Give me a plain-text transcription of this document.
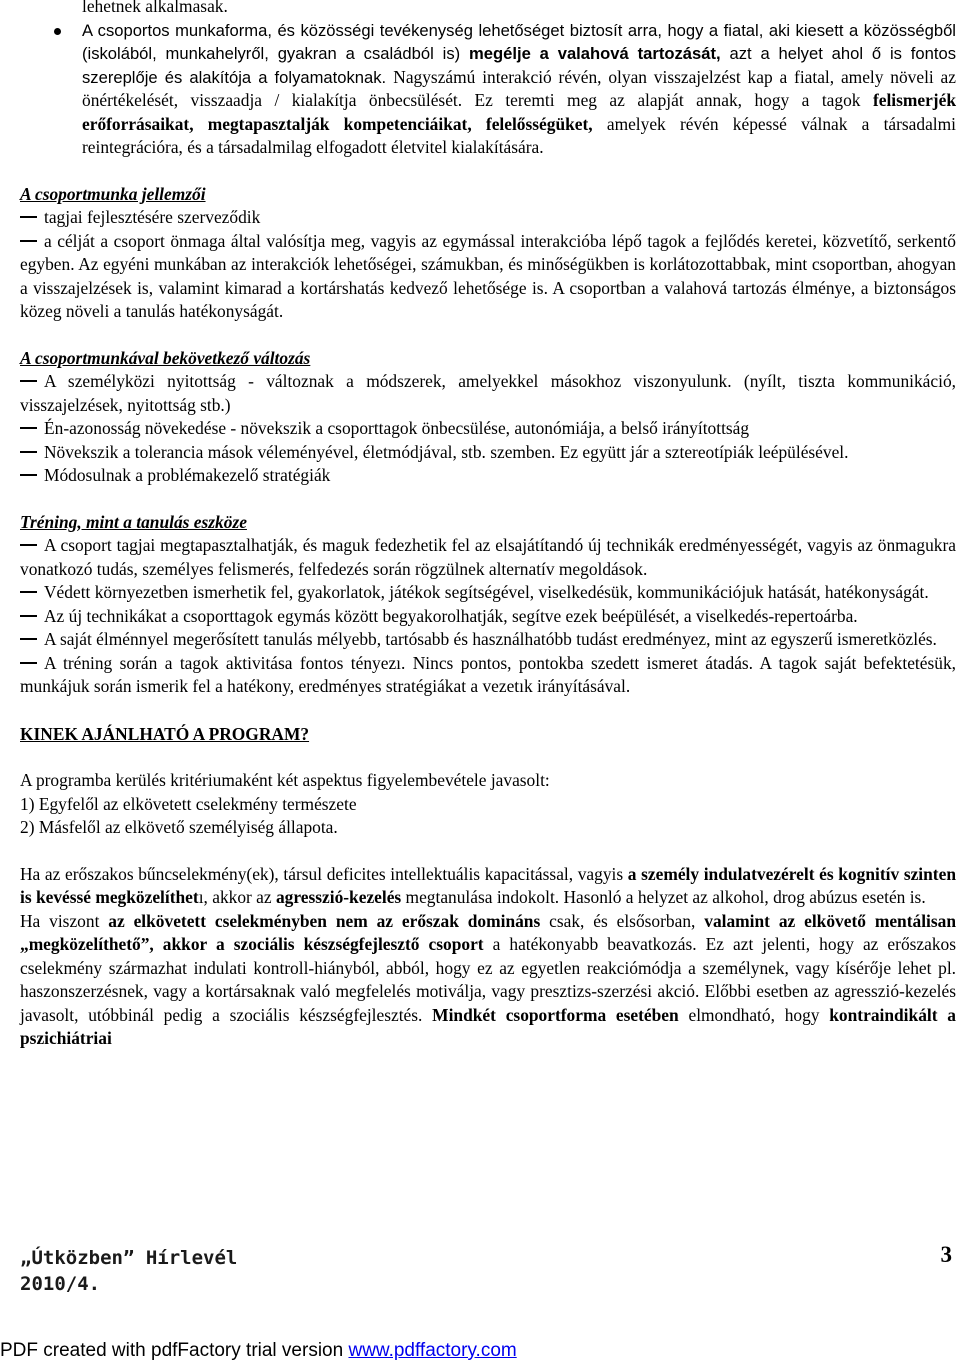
lehetnek alkalmasak.

A csoportos munkaforma, és közösségi tevékenység lehetőséget biztosít arra, hogy a fiatal, aki kiesett a közösségből (iskolából, munkahelyről, gyakran a családból is) megélje a valahová tartozását, azt a helyet ahol ő is fontos szereplője és alakítója a folyamatoknak. Nagyszámú interakció révén, olyan visszajelzést kap a fiatal, amely növeli az önértékelését, visszaadja / kialakítja önbecsülését. Ez teremti meg az alapját annak, hogy a tagok felismerjék erőforrásaikat, megtapasztalják kompetenciáikat, felelősségüket, amelyek révén képessé válnak a társadalmi reintegrációra, és a társadalmilag elfogadott életvitel kialakítására.

A csoportmunka jellemzői

tagjai fejlesztésére szerveződik

a célját a csoport önmaga által valósítja meg, vagyis az egymással interakcióba lépő tagok a fejlődés keretei, közvetítő, serkentő egyben. Az egyéni munkában az interakciók lehetőségei, számukban, és minőségükben is korlátozottabbak, mint csoportban, ahogyan a visszajelzések is, valamint kimarad a kortárshatás kedvező lehetősége is. A csoportban a valahová tartozás élménye, a biztonságos közeg növeli a tanulás hatékonyságát.

A csoportmunkával bekövetkező változás

A személyközi nyitottság - változnak a módszerek, amelyekkel másokhoz viszonyulunk. (nyílt, tiszta kommunikáció, visszajelzések, nyitottság stb.)

Én-azonosság növekedése - növekszik a csoporttagok önbecsülése, autonómiája, a belső irányítottság

Növekszik a tolerancia mások véleményével, életmódjával, stb. szemben. Ez együtt jár a sztereotípiák leépülésével.

Módosulnak a problémakezelő stratégiák

Tréning, mint a tanulás eszköze

A csoport tagjai megtapasztalhatják, és maguk fedezhetik fel az elsajátítandó új technikák eredményességét, vagyis az önmagukra vonatkozó tudás, személyes felismerés, felfedezés során rögzülnek alternatív megoldások.

Védett környezetben ismerhetik fel, gyakorlatok, játékok segítségével, viselkedésük, kommunikációjuk hatását, hatékonyságát.

Az új technikákat a csoporttagok egymás között begyakorolhatják, segítve ezek beépülését, a viselkedés-repertoárba.

A saját élménnyel megerősített tanulás mélyebb, tartósabb és használhatóbb tudást eredményez, mint az egyszerű ismeretközlés.

A tréning során a tagok aktivitása fontos tényezı. Nincs pontos, pontokba szedett ismeret átadás. A tagok saját befektetésük, munkájuk során ismerik fel a hatékony, eredményes stratégiákat a vezetık irányításával.

KINEK AJÁNLHATÓ A PROGRAM?

A programba kerülés kritériumaként két aspektus figyelembevétele javasolt:

1) Egyfelől az elkövetett cselekmény természete

2) Másfelől az elkövető személyiség állapota.

Ha az erőszakos bűncselekmény(ek), társul deficites intellektuális kapacitással, vagyis a személy indulatvezérelt és kognitív szinten is kevéssé megközelíthetı, akkor az agresszió-kezelés megtanulása indokolt. Hasonló a helyzet az alkohol, drog abúzus esetén is.

Ha viszont az elkövetett cselekményben nem az erőszak domináns csak, és elsősorban, valamint az elkövető mentálisan „megközelíthető”, akkor a szociális készségfejlesztő csoport a hatékonyabb beavatkozás. Ez azt jelenti, hogy az erőszakos cselekmény származhat indulati kontroll-hiányból, abból, hogy ez az egyetlen reakciómódja a személynek, vagy kísérője lehet pl. haszonszerzésnek, vagy a kortársaknak való megfelelés motiválja, vagy presztizs-szerzési akció. Előbbi esetben az agresszió-kezelés javasolt, utóbbinál pedig a szociális készségfejlesztés. Mindkét csoportforma esetében elmondható, hogy kontraindikált a pszichiátriai

„Útközben” Hírlevél
2010/4.
3
PDF created with pdfFactory trial version www.pdffactory.com
